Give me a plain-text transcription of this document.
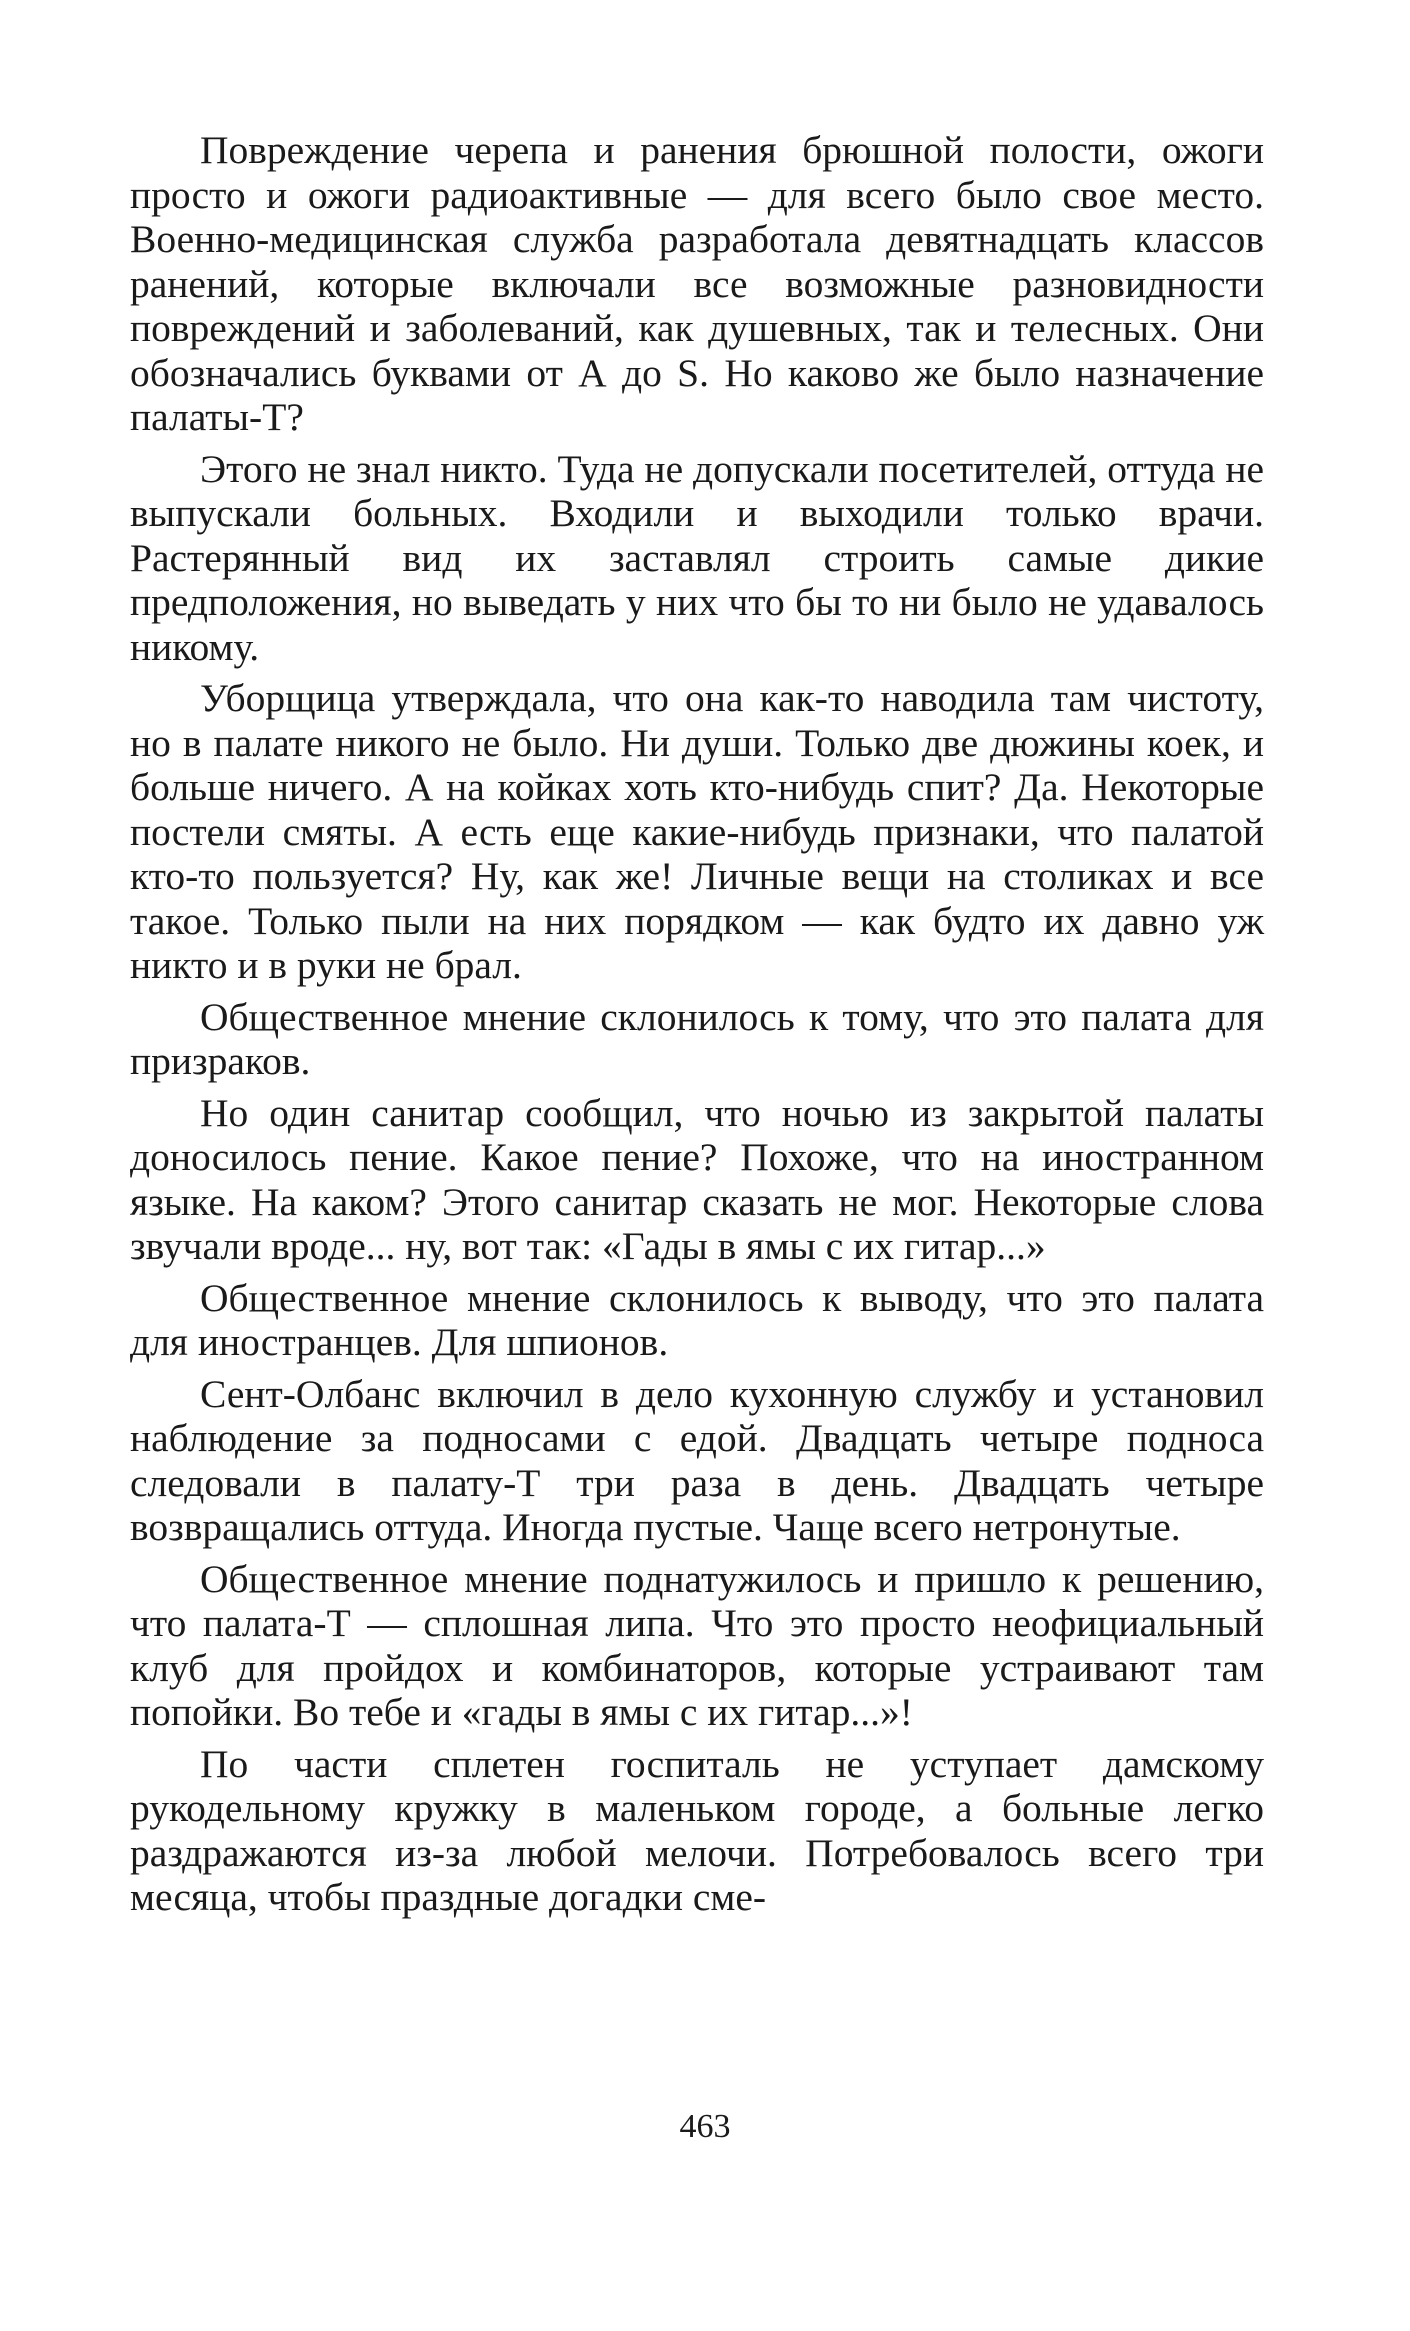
Повреждение черепа и ранения брюшной полости, ожоги просто и ожоги радиоактивные — для всего было свое место. Военно-медицинская служба разработала девятнадцать классов ранений, которые включали все возможные разновидности повреждений и заболеваний, как душевных, так и телесных. Они обозначались буквами от А до S. Но каково же было назначение палаты-Т?

Этого не знал никто. Туда не допускали посетителей, оттуда не выпускали больных. Входили и выходили только врачи. Растерянный вид их заставлял строить самые дикие предположения, но выведать у них что бы то ни было не удавалось никому.

Уборщица утверждала, что она как-то наводила там чистоту, но в палате никого не было. Ни души. Только две дюжины коек, и больше ничего. А на койках хоть кто-нибудь спит? Да. Некоторые постели смяты. А есть еще какие-нибудь признаки, что палатой кто-то пользуется? Ну, как же! Личные вещи на столиках и все такое. Только пыли на них порядком — как будто их давно уж никто и в руки не брал.

Общественное мнение склонилось к тому, что это палата для призраков.

Но один санитар сообщил, что ночью из закрытой палаты доносилось пение. Какое пение? Похоже, что на иностранном языке. На каком? Этого санитар сказать не мог. Некоторые слова звучали вроде... ну, вот так: «Гады в ямы с их гитар...»

Общественное мнение склонилось к выводу, что это палата для иностранцев. Для шпионов.

Сент-Олбанс включил в дело кухонную службу и установил наблюдение за подносами с едой. Двадцать четыре подноса следовали в палату-Т три раза в день. Двадцать четыре возвращались оттуда. Иногда пустые. Чаще всего нетронутые.

Общественное мнение поднатужилось и пришло к решению, что палата-Т — сплошная липа. Что это просто неофициальный клуб для пройдох и комбинаторов, которые устраивают там попойки. Во тебе и «гады в ямы с их гитар...»!

По части сплетен госпиталь не уступает дамскому рукодельному кружку в маленьком городе, а больные легко раздражаются из-за любой мелочи. Потребовалось всего три месяца, чтобы праздные догадки сме-

463
